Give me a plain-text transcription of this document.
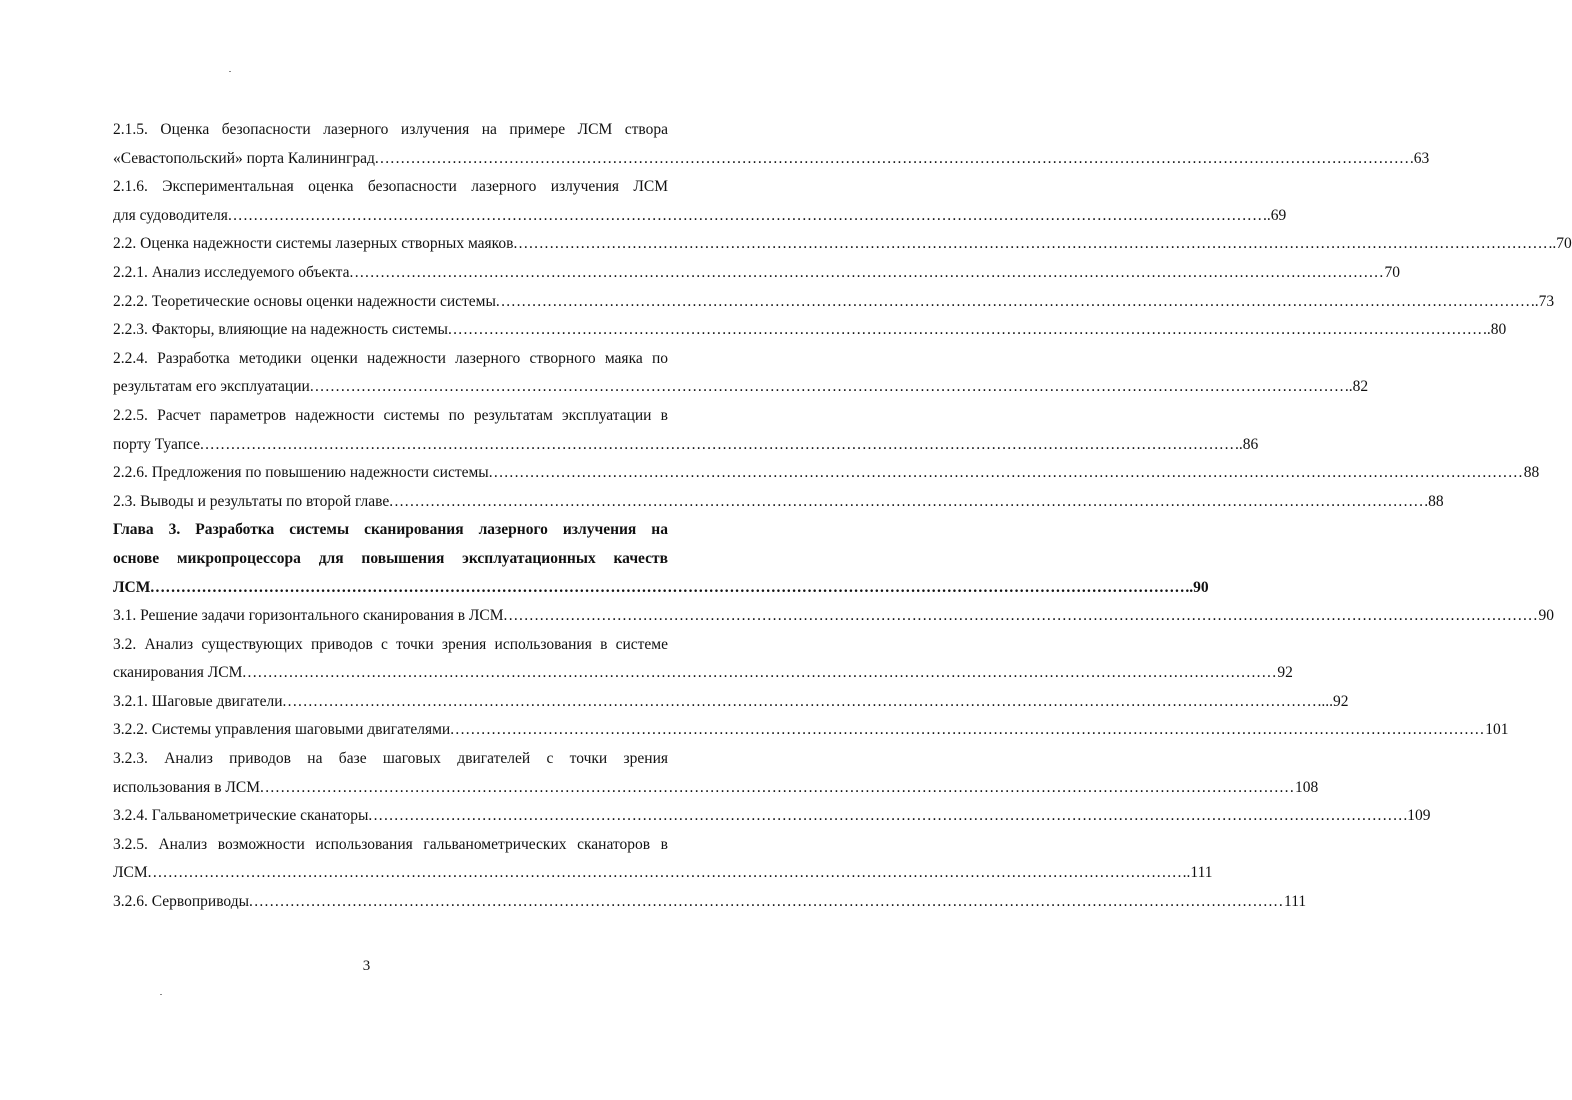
2.1.5. Оценка безопасности лазерного излучения на примере ЛСМ створа
«Севастопольский» порта Калининград ........................................................................................................................................................................................................ .63
2.1.6. Экспериментальная оценка безопасности лазерного излучения ЛСМ
для судоводителя ........................................................................................................................................................................................................ ..69
2.2. Оценка надежности системы лазерных створных маяков ........................................................................................................................................................................................................ ..70
2.2.1. Анализ исследуемого объекта ........................................................................................................................................................................................................ 70
2.2.2. Теоретические основы оценки надежности системы ........................................................................................................................................................................................................ ..73
2.2.3. Факторы, влияющие на надежность системы ........................................................................................................................................................................................................ ..80
2.2.4. Разработка методики оценки надежности лазерного створного маяка по
результатам его эксплуатации ........................................................................................................................................................................................................ ..82
2.2.5. Расчет параметров надежности системы по результатам эксплуатации в
порту Туапсе ........................................................................................................................................................................................................ ..86
2.2.6. Предложения по повышению надежности системы ........................................................................................................................................................................................................ 88
2.3. Выводы и результаты по второй главе ........................................................................................................................................................................................................ .88
Глава 3. Разработка системы сканирования лазерного излучения на
основе микропроцессора для повышения эксплуатационных качеств
ЛСМ ........................................................................................................................................................................................................ ..90
3.1. Решение задачи горизонтального сканирования в ЛСМ ........................................................................................................................................................................................................ 90
3.2. Анализ существующих приводов с точки зрения использования в системе
сканирования ЛСМ ........................................................................................................................................................................................................ 92
3.2.1. Шаговые двигатели ........................................................................................................................................................................................................ ....92
3.2.2. Системы управления шаговыми двигателями ........................................................................................................................................................................................................ 101
3.2.3. Анализ приводов на базе шаговых двигателей с точки зрения
использования в ЛСМ ........................................................................................................................................................................................................ 108
3.2.4. Гальванометрические сканаторы ........................................................................................................................................................................................................ .109
3.2.5. Анализ возможности использования гальванометрических сканаторов в
ЛСМ ........................................................................................................................................................................................................ ..111
3.2.6. Сервоприводы ........................................................................................................................................................................................................ 111
3
